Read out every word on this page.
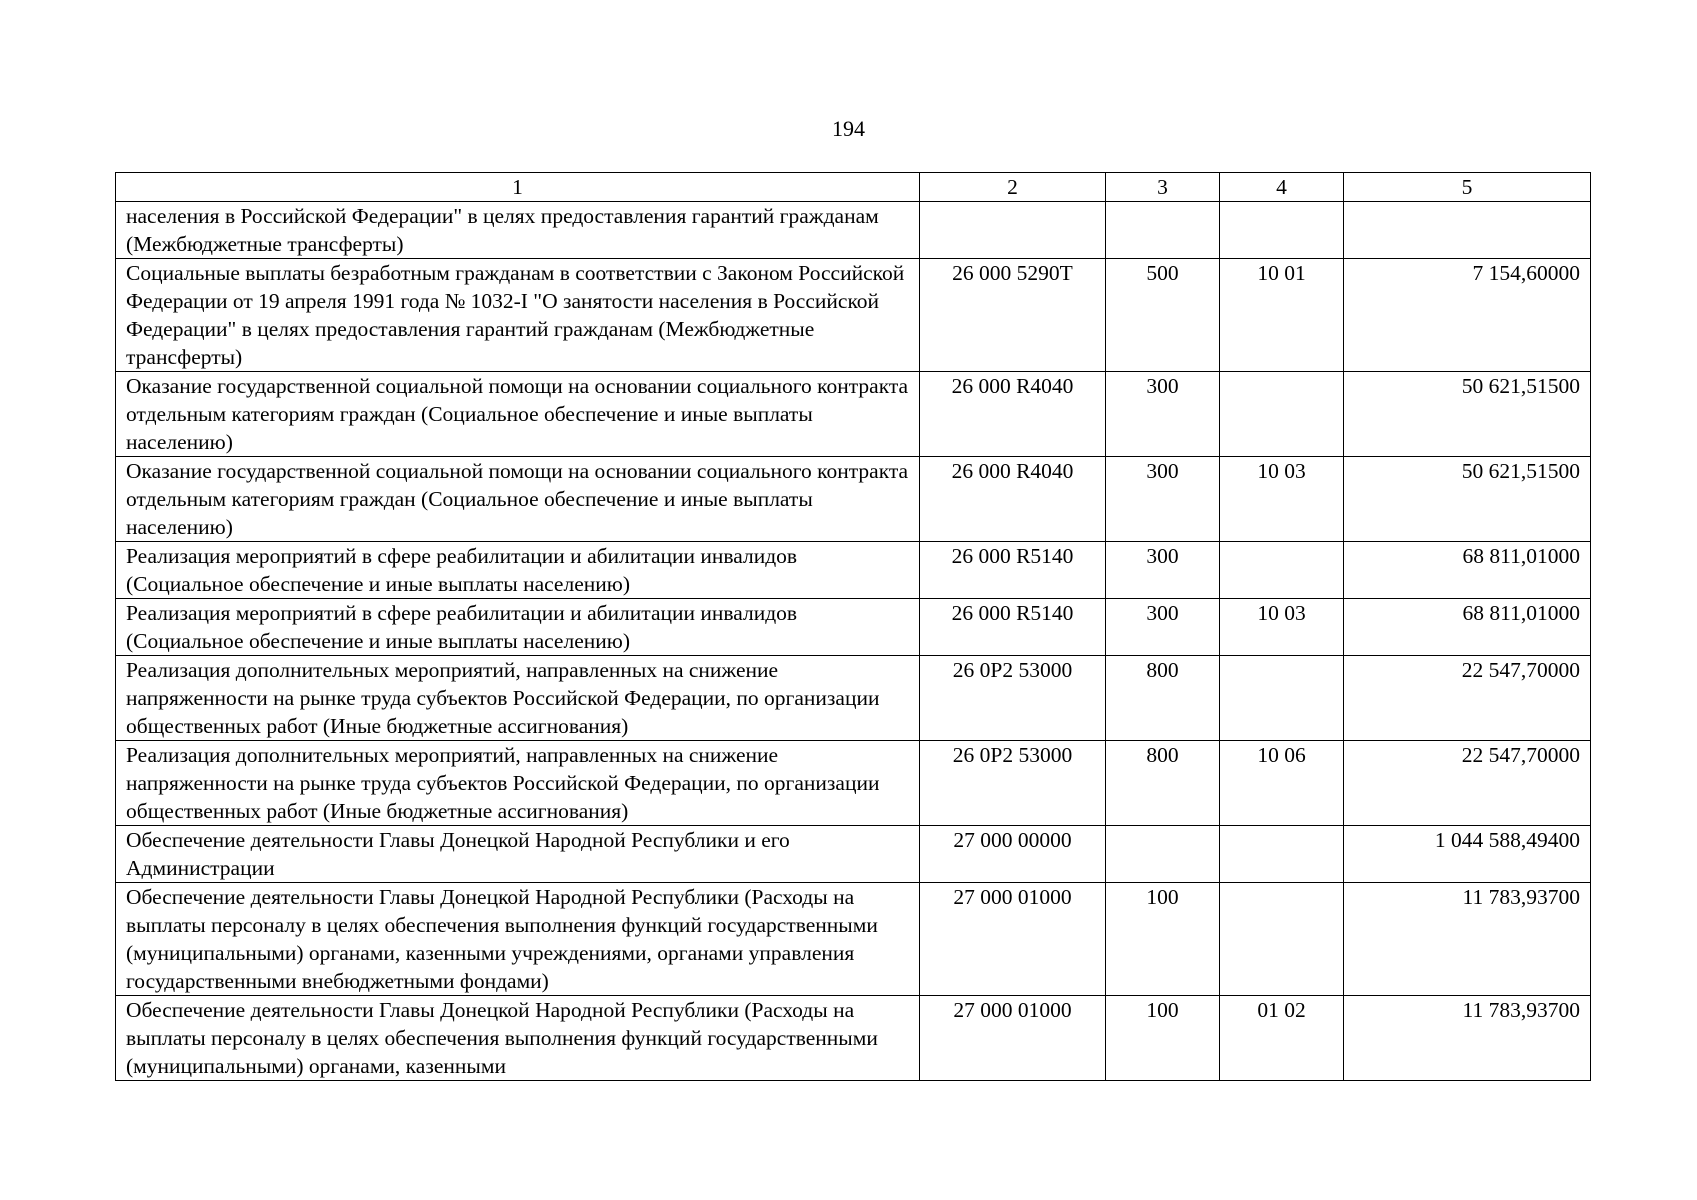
194
1	2	3	4	5
населения в Российской Федерации" в целях предоставления гарантий гражданам (Межбюджетные трансферты)				
Социальные выплаты безработным гражданам в соответствии с Законом Российской Федерации от 19 апреля 1991 года № 1032-I "О занятости населения в Российской Федерации" в целях предоставления гарантий гражданам (Межбюджетные трансферты)	26 000 5290Т	500	10 01	7 154,60000
Оказание государственной социальной помощи на основании социального контракта отдельным категориям граждан (Социальное обеспечение и иные выплаты населению)	26 000 R4040	300		50 621,51500
Оказание государственной социальной помощи на основании социального контракта отдельным категориям граждан (Социальное обеспечение и иные выплаты населению)	26 000 R4040	300	10 03	50 621,51500
Реализация мероприятий в сфере реабилитации и абилитации инвалидов (Социальное обеспечение и иные выплаты населению)	26 000 R5140	300		68 811,01000
Реализация мероприятий в сфере реабилитации и абилитации инвалидов (Социальное обеспечение и иные выплаты населению)	26 000 R5140	300	10 03	68 811,01000
Реализация дополнительных мероприятий, направленных на снижение напряженности на рынке труда субъектов Российской Федерации, по организации общественных работ (Иные бюджетные ассигнования)	26 0Р2 53000	800		22 547,70000
Реализация дополнительных мероприятий, направленных на снижение напряженности на рынке труда субъектов Российской Федерации, по организации общественных работ (Иные бюджетные ассигнования)	26 0Р2 53000	800	10 06	22 547,70000
Обеспечение деятельности Главы Донецкой Народной Республики и его Администрации	27 000 00000			1 044 588,49400
Обеспечение деятельности Главы Донецкой Народной Республики (Расходы на выплаты персоналу в целях обеспечения выполнения функций государственными (муниципальными) органами, казенными учреждениями, органами управления государственными внебюджетными фондами)	27 000 01000	100		11 783,93700
Обеспечение деятельности Главы Донецкой Народной Республики (Расходы на выплаты персоналу в целях обеспечения выполнения функций государственными (муниципальными) органами, казенными	27 000 01000	100	01 02	11 783,93700
